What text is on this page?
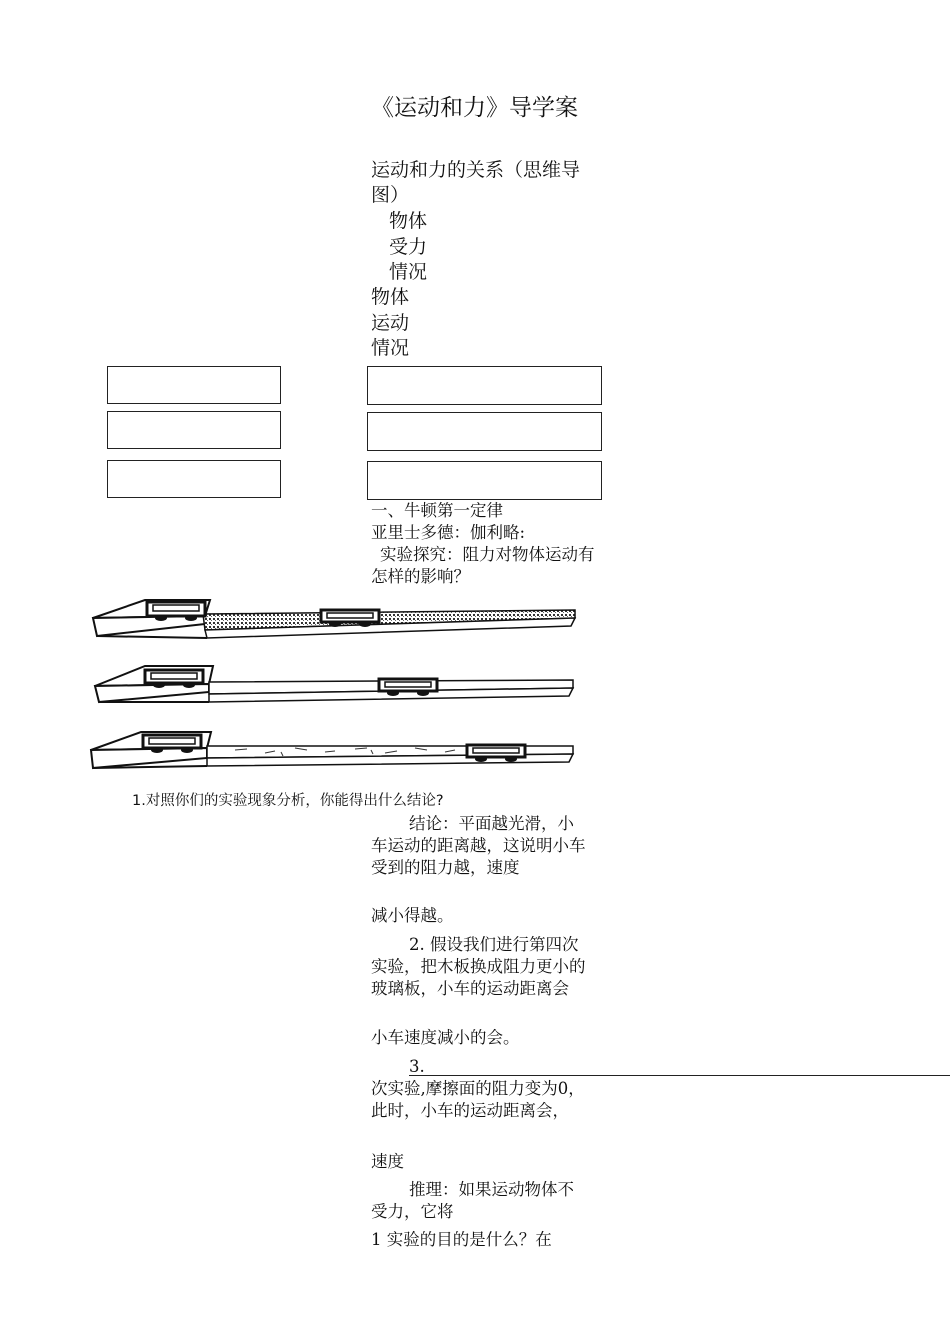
《运动和力》导学案
运动和力的关系（思维导图）
物体
受力
情况
物体
运动
情况
一、牛顿第一定律
亚里士多德：伽利略:
实验探究：阻力对物体运动有怎样的影响？
1.对照你们的实验现象分析，你能得出什么结论?
结论：平面越光滑，小车运动的距离越，这说明小车受到的阻力越，速度
减小得越。
2. 假设我们进行第四次实验，把木板换成阻力更小的玻璃板，小车的运动距离会
小车速度减小的会。
3.
次实验,摩擦面的阻力变为0，此时，小车的运动距离会，
速度
推理：如果运动物体不受力，它将
1 实验的目的是什么？在
